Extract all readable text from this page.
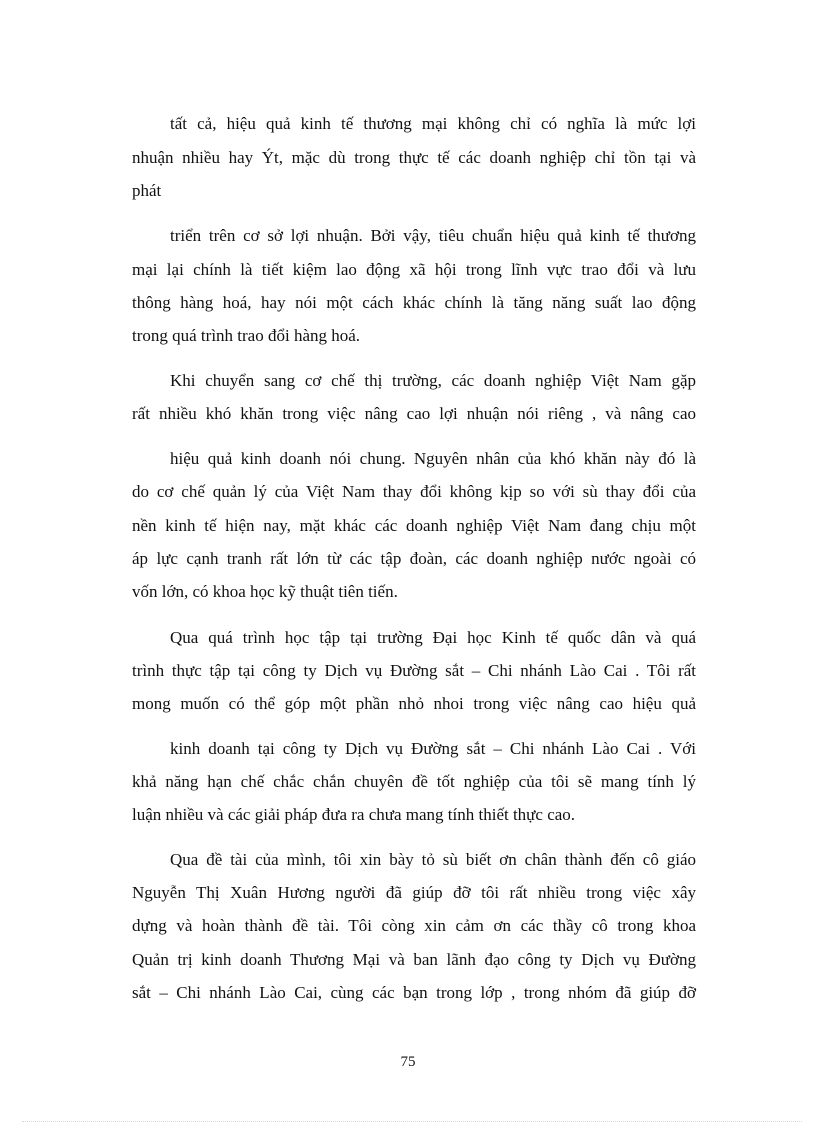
tất cả, hiệu quả kinh tế thương mại không chỉ có nghĩa là mức lợi
nhuận nhiều hay Ýt, mặc dù trong thực tế các doanh nghiệp chỉ tồn tại và
phát
triển trên cơ sở lợi nhuận. Bởi vậy, tiêu chuẩn hiệu quả kinh tế thương
mại lại chính là tiết kiệm lao động xã hội trong lĩnh vực trao đổi và lưu
thông hàng hoá, hay nói một cách khác chính là tăng năng suất lao động
trong quá trình trao đổi hàng hoá.
Khi chuyển sang cơ chế thị trường, các doanh nghiệp Việt Nam gặp
rất nhiều khó khăn trong việc nâng cao lợi nhuận nói riêng , và nâng cao
hiệu quả kinh doanh nói chung. Nguyên nhân của khó khăn này đó là
do cơ chế quản lý của Việt Nam thay đổi không kịp so với sù thay đổi của
nền kinh tế hiện nay, mặt khác các doanh nghiệp Việt Nam đang chịu một
áp lực cạnh tranh rất lớn từ các tập đoàn, các doanh nghiệp nước ngoài có
vốn lớn, có khoa học kỹ thuật tiên tiến.
Qua quá trình học tập tại trường Đại học Kinh tế quốc dân và quá
trình thực tập tại công ty Dịch vụ Đường sắt – Chi nhánh Lào Cai . Tôi rất
mong muốn có thể góp một phần nhỏ nhoi trong việc nâng cao hiệu quả
kinh doanh tại công ty Dịch vụ Đường sắt – Chi nhánh Lào Cai . Với
khả năng hạn chế chắc chắn chuyên đề tốt nghiệp của tôi sẽ mang tính lý
luận nhiều và các giải pháp đưa ra chưa mang tính thiết thực cao.
Qua đề tài của mình, tôi xin bày tỏ sù biết ơn chân thành đến cô giáo
Nguyễn Thị Xuân Hương người đã giúp đỡ tôi rất nhiều trong việc xây
dựng và hoàn thành đề tài. Tôi còng xin cảm ơn các thầy cô trong khoa
Quản trị kinh doanh Thương Mại và ban lãnh đạo công ty Dịch vụ Đường
sắt – Chi nhánh Lào Cai, cùng các bạn trong lớp , trong nhóm đã giúp đỡ
75
